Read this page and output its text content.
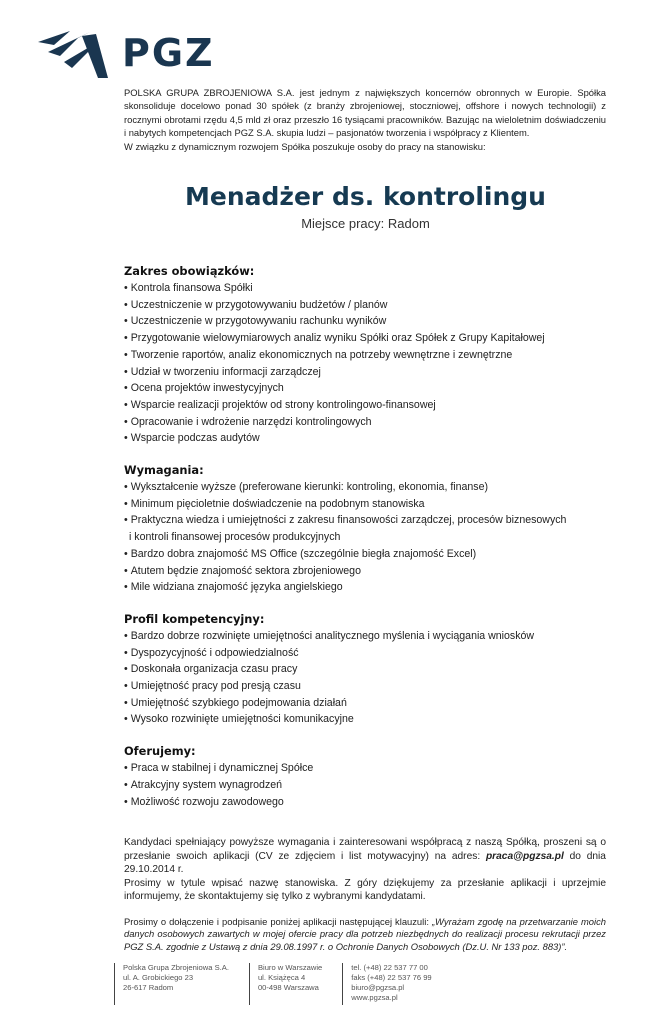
PGZ

POLSKA GRUPA ZBROJENIOWA S.A. jest jednym z największych koncernów obronnych w Europie. Spółka skonsoliduje docelowo ponad 30 spółek (z branży zbrojeniowej, stoczniowej, offshore i nowych technologii) z rocznymi obrotami rzędu 4,5 mld zł oraz przeszło 16 tysiącami pracowników. Bazując na wieloletnim doświadczeniu i nabytych kompetencjach PGZ S.A. skupia ludzi – pasjonatów tworzenia i współpracy z Klientem.

W związku z dynamicznym rozwojem Spółka poszukuje osoby do pracy na stanowisku:

Menadżer ds. kontrolingu
Miejsce pracy: Radom
Zakres obowiązków:
• Kontrola finansowa Spółki
• Uczestniczenie w przygotowywaniu budżetów / planów
• Uczestniczenie w przygotowywaniu rachunku wyników
• Przygotowanie wielowymiarowych analiz wyniku Spółki oraz Spółek z Grupy Kapitałowej
• Tworzenie raportów, analiz ekonomicznych na potrzeby wewnętrzne i zewnętrzne
• Udział w tworzeniu informacji zarządczej
• Ocena projektów inwestycyjnych
• Wsparcie realizacji projektów od strony kontrolingowo-finansowej
• Opracowanie i wdrożenie narzędzi kontrolingowych
• Wsparcie podczas audytów
Wymagania:
• Wykształcenie wyższe (preferowane kierunki: kontroling, ekonomia, finanse)
• Minimum pięcioletnie doświadczenie na podobnym stanowiska
• Praktyczna wiedza i umiejętności z zakresu finansowości zarządczej, procesów biznesowych
i kontroli finansowej procesów produkcyjnych
• Bardzo dobra znajomość MS Office (szczególnie biegła znajomość Excel)
• Atutem będzie znajomość sektora zbrojeniowego
• Mile widziana znajomość języka angielskiego
Profil kompetencyjny:
• Bardzo dobrze rozwinięte umiejętności analitycznego myślenia i wyciągania wniosków
• Dyspozycyjność i odpowiedzialność
• Doskonała organizacja czasu pracy
• Umiejętność pracy pod presją czasu
• Umiejętność szybkiego podejmowania działań
• Wysoko rozwinięte umiejętności komunikacyjne
Oferujemy:
• Praca w stabilnej i dynamicznej Spółce
• Atrakcyjny system wynagrodzeń
• Możliwość rozwoju zawodowego

Kandydaci spełniający powyższe wymagania i zainteresowani współpracą z naszą Spółką, proszeni są o przesłanie swoich aplikacji (CV ze zdjęciem i list motywacyjny) na adres: praca@pgzsa.pl do dnia 29.10.2014 r.

Prosimy w tytule wpisać nazwę stanowiska. Z góry dziękujemy za przesłanie aplikacji i uprzejmie informujemy, że skontaktujemy się tylko z wybranymi kandydatami.

Prosimy o dołączenie i podpisanie poniżej aplikacji następującej klauzuli: „Wyrażam zgodę na przetwarzanie moich danych osobowych zawartych w mojej ofercie pracy dla potrzeb niezbędnych do realizacji procesu rekrutacji przez PGZ S.A. zgodnie z Ustawą z dnia 29.08.1997 r. o Ochronie Danych Osobowych (Dz.U. Nr 133 poz. 883)”.
Polska Grupa Zbrojeniowa S.A.
ul. A. Grobickiego 23
26-617 Radom
Biuro w Warszawie
ul. Książęca 4
00-498 Warszawa
tel. (+48) 22 537 77 00
faks (+48) 22 537 76 99
biuro@pgzsa.pl
www.pgzsa.pl
